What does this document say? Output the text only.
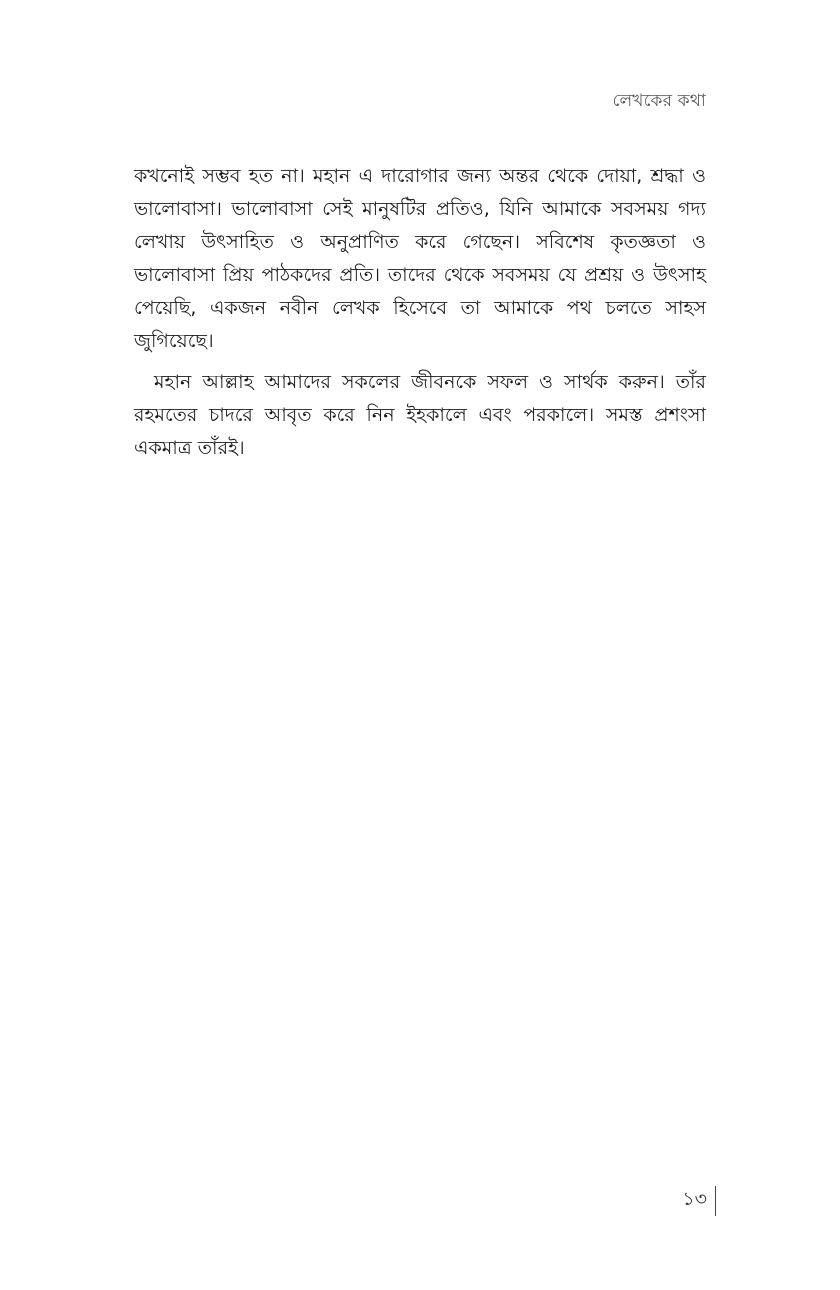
লেখকের কথা

কখনোই সম্ভব হত না। মহান এ দারোগার জন্য অন্তর থেকে দোয়া, শ্রদ্ধা ও ভালোবাসা। ভালোবাসা সেই মানুষটির প্রতিও, যিনি আমাকে সবসময় গদ্য লেখায় উৎসাহিত ও অনুপ্রাণিত করে গেছেন। সবিশেষ কৃতজ্ঞতা ও ভালোবাসা প্রিয় পাঠকদের প্রতি। তাদের থেকে সবসময় যে প্রশ্রয় ও উৎসাহ পেয়েছি, একজন নবীন লেখক হিসেবে তা আমাকে পথ চলতে সাহস জুগিয়েছে।

মহান আল্লাহ আমাদের সকলের জীবনকে সফল ও সার্থক করুন। তাঁর রহমতের চাদরে আবৃত করে নিন ইহকালে এবং পরকালে। সমস্ত প্রশংসা একমাত্র তাঁরই।

১৩
